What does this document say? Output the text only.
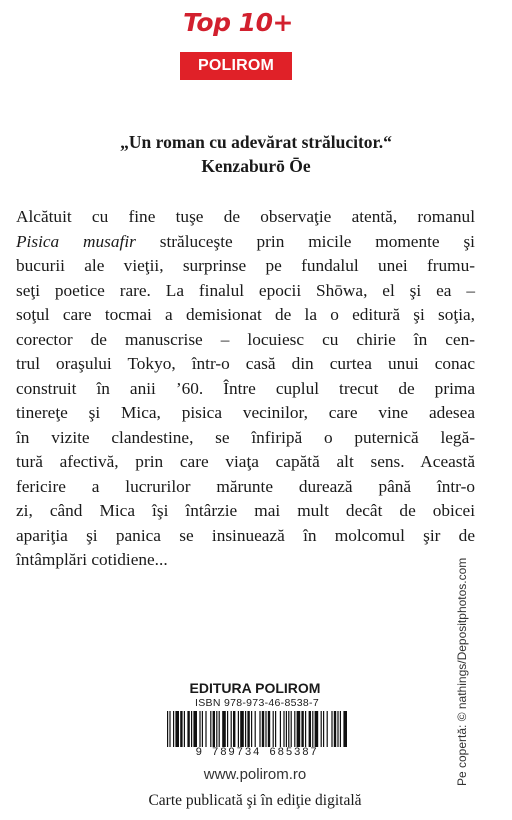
Top 10+
POLIROM
„Un roman cu adevărat strălucitor.“
Kenzaburō Ōe
Alcătuit cu fine tuşe de observaţie atentă, romanul
Pisica musafir străluceşte prin micile momente şi
bucurii ale vieţii, surprinse pe fundalul unei frumu-
seţi poetice rare. La finalul epocii Shōwa, el şi ea –
soţul care tocmai a demisionat de la o editură şi soţia,
corector de manuscrise – locuiesc cu chirie în cen-
trul oraşului Tokyo, într-o casă din curtea unui conac
construit în anii ’60. Între cuplul trecut de prima
tinereţe şi Mica, pisica vecinilor, care vine adesea
în vizite clandestine, se înfiripă o puternică legă-
tură afectivă, prin care viaţa capătă alt sens. Această
fericire a lucrurilor mărunte durează până într-o
zi, când Mica îşi întârzie mai mult decât de obicei
apariţia şi panica se insinuează în molcomul şir de
întâmplări cotidiene...
EDITURA POLIROM
ISBN 978-973-46-8538-7
9 789734 685387
www.polirom.ro
Carte publicată şi în ediţie digitală
Pe copertă: © nathings/Depositphotos.com
